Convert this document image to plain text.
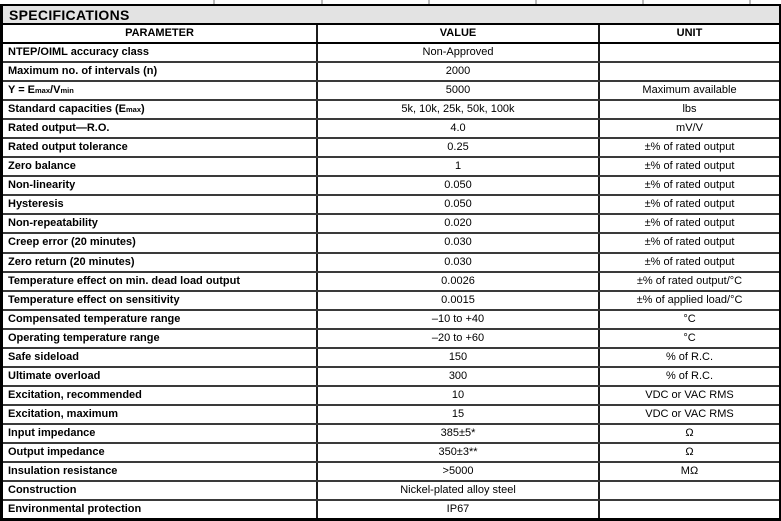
SPECIFICATIONS
PARAMETER	VALUE	UNIT
NTEP/OIML accuracy class	Non-Approved
Maximum no. of intervals (n)	2000
Y = E max /V min	5000	Maximum available
Standard capacities (E max )	5k, 10k, 25k, 50k, 100k	lbs
Rated output—R.O.	4.0	mV/V
Rated output tolerance	0.25	±% of rated output
Zero balance	1	±% of rated output
Non-linearity	0.050	±% of rated output
Hysteresis	0.050	±% of rated output
Non-repeatability	0.020	±% of rated output
Creep error (20 minutes)	0.030	±% of rated output
Zero return (20 minutes)	0.030	±% of rated output
Temperature effect on min. dead load output	0.0026	±% of rated output/°C
Temperature effect on sensitivity	0.0015	±% of applied load/°C
Compensated temperature range	–10 to +40	°C
Operating temperature range	–20 to +60	°C
Safe sideload	150	% of R.C.
Ultimate overload	300	% of R.C.
Excitation, recommended	10	VDC or VAC RMS
Excitation, maximum	15	VDC or VAC RMS
Input impedance	385±5*	Ω
Output impedance	350±3**	Ω
Insulation resistance	>5000	MΩ
Construction	Nickel-plated alloy steel
Environmental protection	IP67
